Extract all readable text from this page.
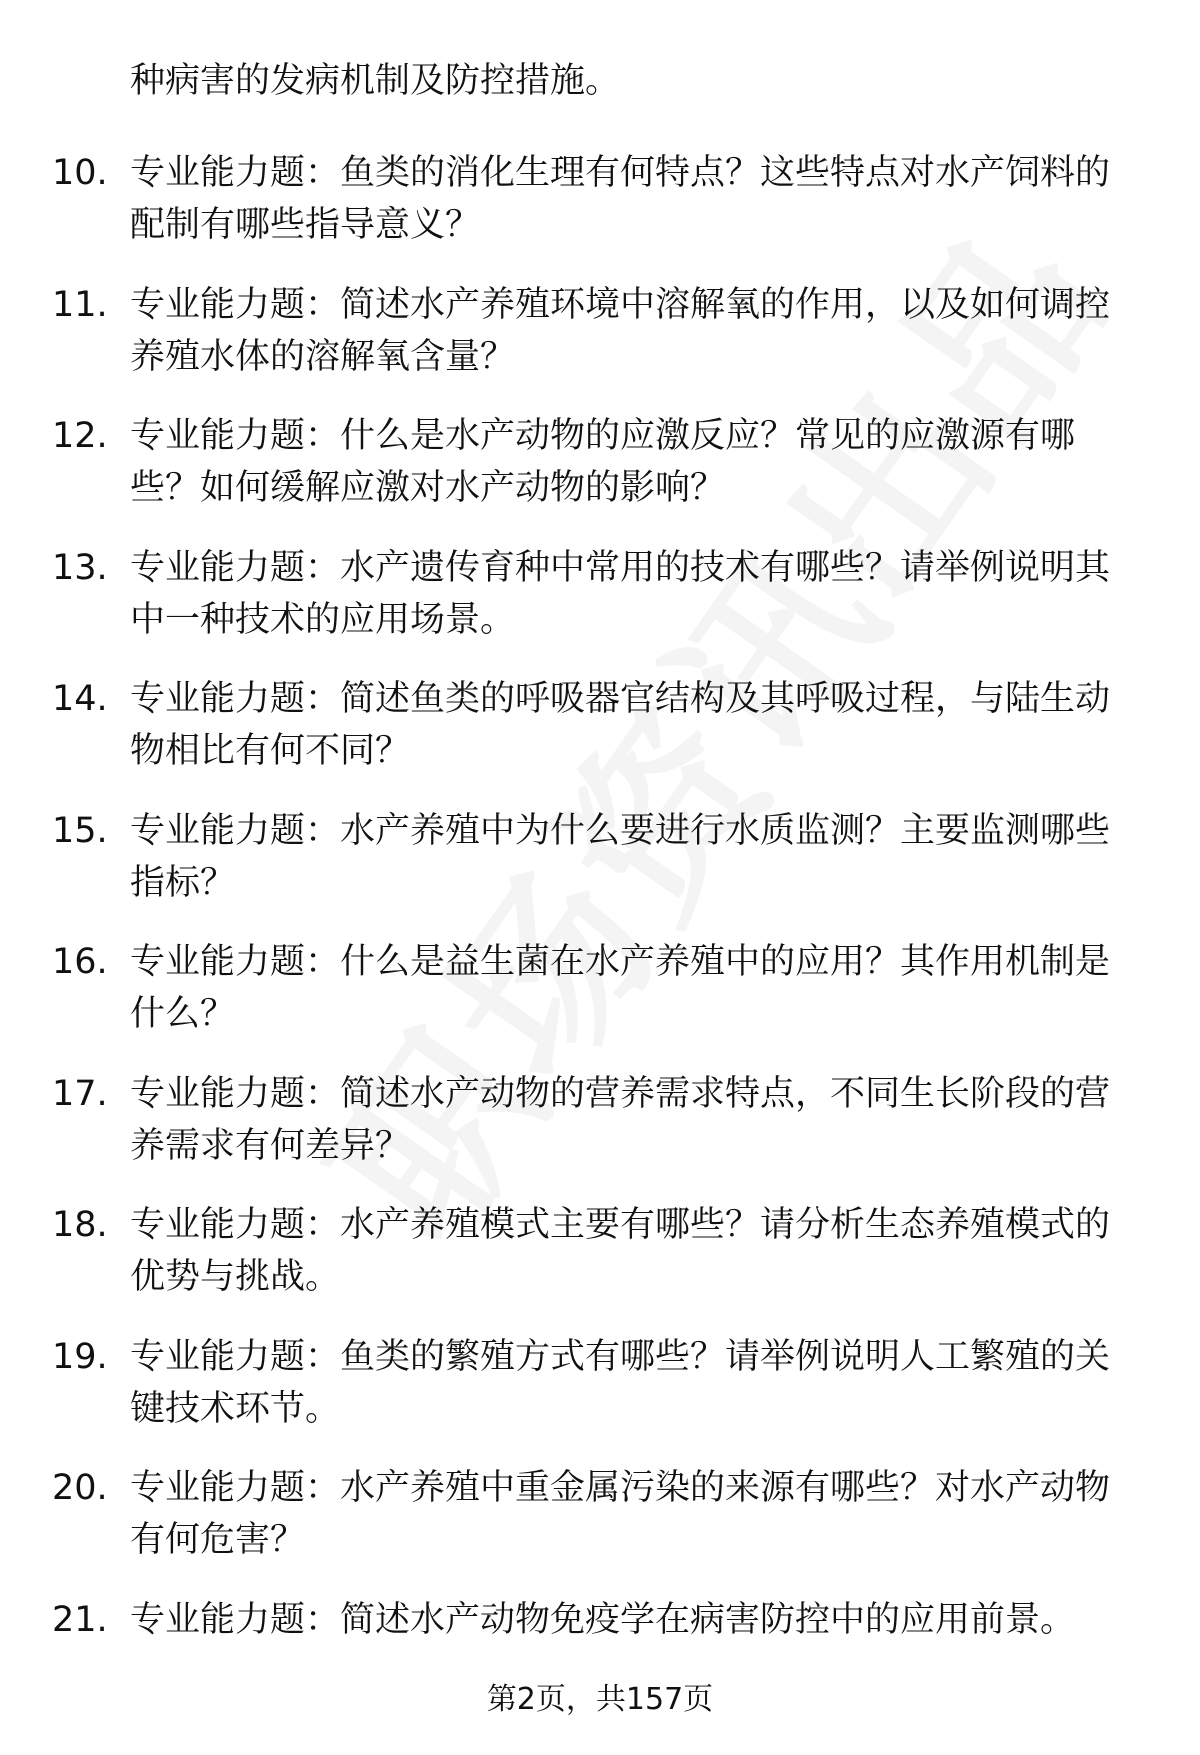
种病害的发病机制及防控措施。

10. 专业能力题：鱼类的消化生理有何特点？这些特点对水产饲料的配制有哪些指导意义？

11. 专业能力题：简述水产养殖环境中溶解氧的作用，以及如何调控养殖水体的溶解氧含量？

12. 专业能力题：什么是水产动物的应激反应？常见的应激源有哪些？如何缓解应激对水产动物的影响？

13. 专业能力题：水产遗传育种中常用的技术有哪些？请举例说明其中一种技术的应用场景。

14. 专业能力题：简述鱼类的呼吸器官结构及其呼吸过程，与陆生动物相比有何不同？

15. 专业能力题：水产养殖中为什么要进行水质监测？主要监测哪些指标？

16. 专业能力题：什么是益生菌在水产养殖中的应用？其作用机制是什么？

17. 专业能力题：简述水产动物的营养需求特点，不同生长阶段的营养需求有何差异？

18. 专业能力题：水产养殖模式主要有哪些？请分析生态养殖模式的优势与挑战。

19. 专业能力题：鱼类的繁殖方式有哪些？请举例说明人工繁殖的关键技术环节。

20. 专业能力题：水产养殖中重金属污染的来源有哪些？对水产动物有何危害？

21. 专业能力题：简述水产动物免疫学在病害防控中的应用前景。

第2页，共157页
